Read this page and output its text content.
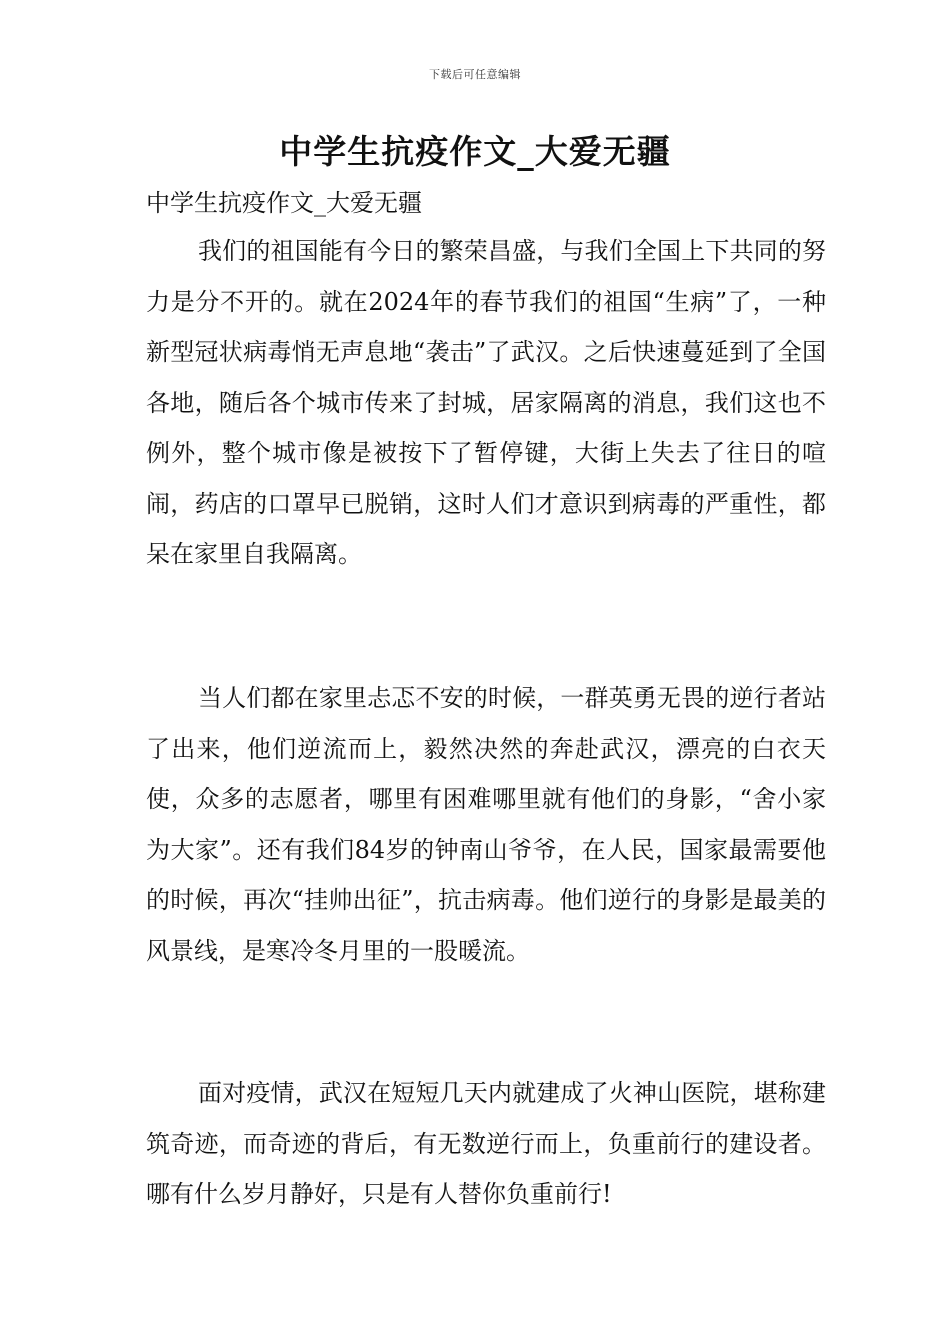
下载后可任意编辑
中学生抗疫作文_大爱无疆

中学生抗疫作文_大爱无疆

我们的祖国能有今日的繁荣昌盛，与我们全国上下共同的努力是分不开的。就在2024年的春节我们的祖国“生病”了，一种新型冠状病毒悄无声息地“袭击”了武汉。之后快速蔓延到了全国各地，随后各个城市传来了封城，居家隔离的消息，我们这也不例外，整个城市像是被按下了暂停键，大街上失去了往日的喧闹，药店的口罩早已脱销，这时人们才意识到病毒的严重性，都呆在家里自我隔离。

当人们都在家里忐忑不安的时候，一群英勇无畏的逆行者站了出来，他们逆流而上，毅然决然的奔赴武汉，漂亮的白衣天使，众多的志愿者，哪里有困难哪里就有他们的身影，“舍小家为大家”。还有我们84岁的钟南山爷爷，在人民，国家最需要他的时候，再次“挂帅出征”，抗击病毒。他们逆行的身影是最美的风景线，是寒冷冬月里的一股暖流。

面对疫情，武汉在短短几天内就建成了火神山医院，堪称建筑奇迹，而奇迹的背后，有无数逆行而上，负重前行的建设者。哪有什么岁月静好，只是有人替你负重前行!
